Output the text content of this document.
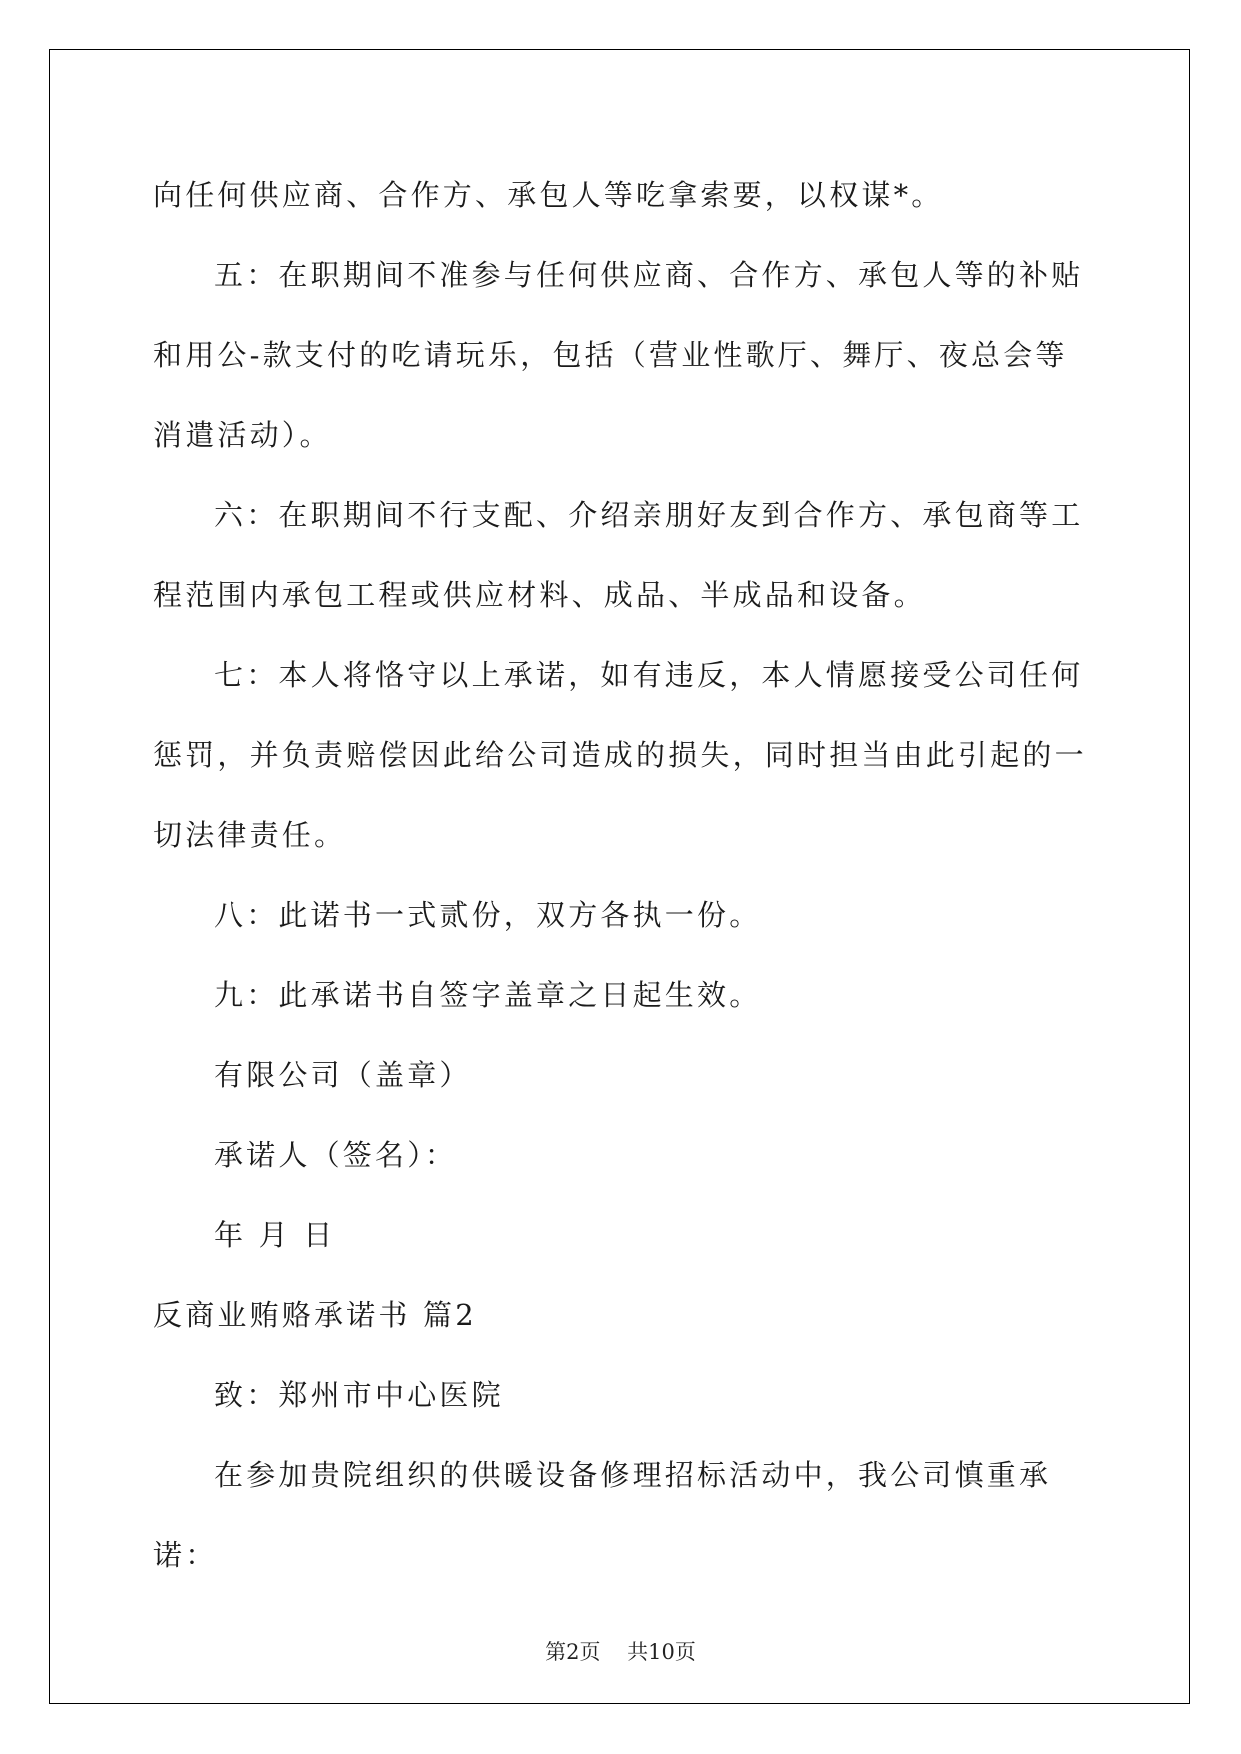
向任何供应商、合作方、承包人等吃拿索要，以权谋*。

五：在职期间不准参与任何供应商、合作方、承包人等的补贴和用公-款支付的吃请玩乐，包括（营业性歌厅、舞厅、夜总会等消遣活动）。

六：在职期间不行支配、介绍亲朋好友到合作方、承包商等工程范围内承包工程或供应材料、成品、半成品和设备。

七：本人将恪守以上承诺，如有违反，本人情愿接受公司任何惩罚，并负责赔偿因此给公司造成的损失，同时担当由此引起的一切法律责任。

八：此诺书一式贰份，双方各执一份。

九：此承诺书自签字盖章之日起生效。

有限公司（盖章）

承诺人（签名）：

年 月 日

反商业贿赂承诺书 篇2

致：郑州市中心医院

在参加贵院组织的供暖设备修理招标活动中，我公司慎重承诺：

第2页 共10页
